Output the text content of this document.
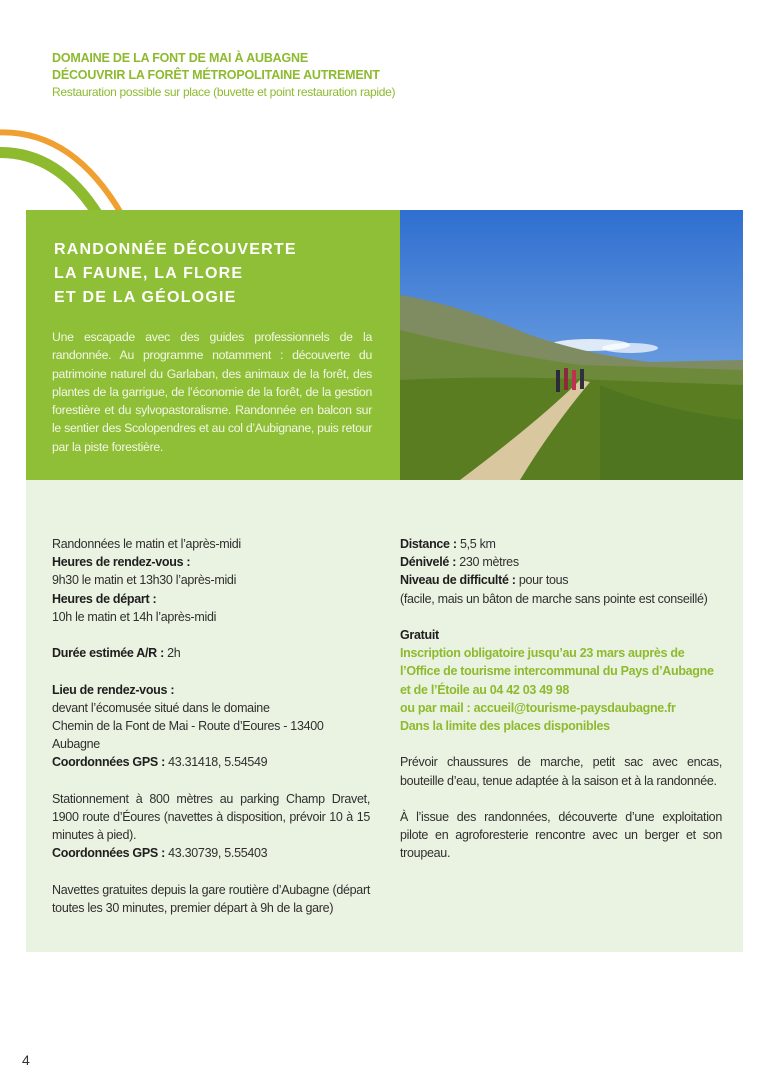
DOMAINE DE LA FONT DE MAI À AUBAGNE
DÉCOUVRIR LA FORÊT MÉTROPOLITAINE AUTREMENT
Restauration possible sur place (buvette et point restauration rapide)
RANDONNÉE DÉCOUVERTE
LA FAUNE, LA FLORE
ET DE LA GÉOLOGIE
Une escapade avec des guides professionnels de la randonnée. Au programme notamment : découverte du patrimoine naturel du Garlaban, des animaux de la forêt, des plantes de la garrigue, de l’économie de la forêt, de la gestion forestière et du sylvopastoralisme. Randonnée en balcon sur le sentier des Scolopendres et au col d’Aubignane, puis retour par la piste forestière.

Randonnées le matin et l’après-midi

Heures de rendez-vous :

9h30 le matin et 13h30 l’après-midi

Heures de départ :

10h le matin et 14h l’après-midi

Durée estimée A/R : 2h

Lieu de rendez-vous :

devant l’écomusée situé dans le domaine

Chemin de la Font de Mai - Route d’Eoures - 13400 Aubagne

Coordonnées GPS : 43.31418, 5.54549

Stationnement à 800 mètres au parking Champ Dravet, 1900 route d’Éoures (navettes à disposition, prévoir 10 à 15 minutes à pied).

Coordonnées GPS : 43.30739, 5.55403

Navettes gratuites depuis la gare routière d’Aubagne (départ toutes les 30 minutes, premier départ à 9h de la gare)

Distance : 5,5 km

Dénivelé : 230 mètres

Niveau de difficulté : pour tous

(facile, mais un bâton de marche sans pointe est conseillé)

Gratuit

Inscription obligatoire jusqu’au 23 mars auprès de

l’Office de tourisme intercommunal du Pays d’Aubagne

et de l’Étoile au 04 42 03 49 98

ou par mail : accueil@tourisme-paysdaubagne.fr

Dans la limite des places disponibles

Prévoir chaussures de marche, petit sac avec encas, bouteille d’eau, tenue adaptée à la saison et à la randonnée.

À l’issue des randonnées, découverte d’une exploitation pilote en agroforesterie rencontre avec un berger et son troupeau.

4
